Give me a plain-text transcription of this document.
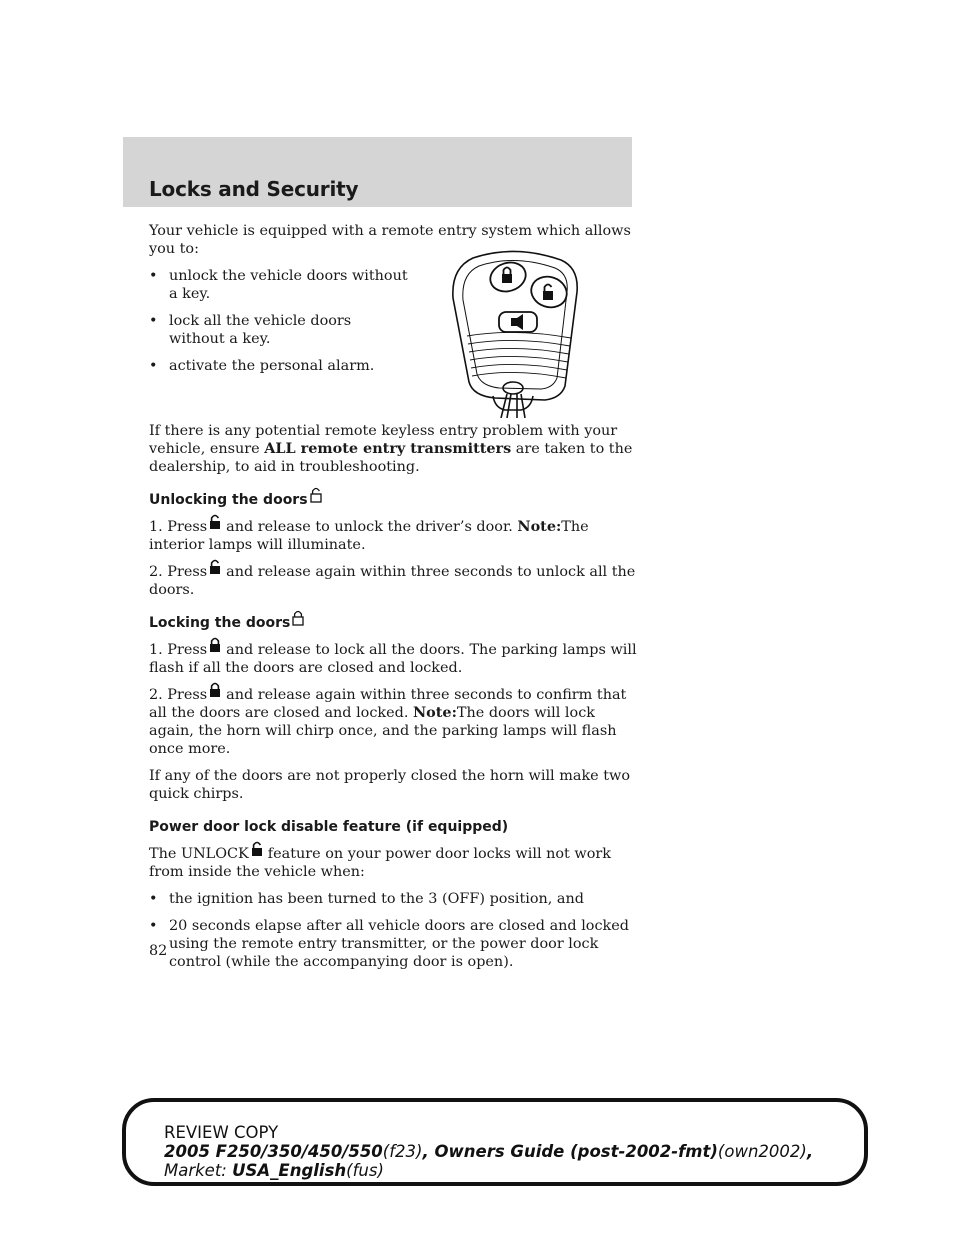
Locks and Security

Your vehicle is equipped with a remote entry system which allows you to:

• unlock the vehicle doors without a key.
• lock all the vehicle doors without a key.
• activate the personal alarm.

If there is any potential remote keyless entry problem with your vehicle, ensure ALL remote entry transmitters are taken to the dealership, to aid in troubleshooting.

Unlocking the doors

1. Press and release to unlock the driver’s door. Note:The interior lamps will illuminate.

2. Press and release again within three seconds to unlock all the doors.

Locking the doors

1. Press and release to lock all the doors. The parking lamps will flash if all the doors are closed and locked.

2. Press and release again within three seconds to confirm that all the doors are closed and locked. Note:The doors will lock again, the horn will chirp once, and the parking lamps will flash once more.

If any of the doors are not properly closed the horn will make two quick chirps.

Power door lock disable feature (if equipped)

The UNLOCK feature on your power door locks will not work from inside the vehicle when:

• the ignition has been turned to the 3 (OFF) position, and
• 20 seconds elapse after all vehicle doors are closed and locked using the remote entry transmitter, or the power door lock control (while the accompanying door is open).
82
REVIEW COPY
2005 F250/350/450/550(f23), Owners Guide (post-2002-fmt)(own2002),
Market: USA_English(fus)
